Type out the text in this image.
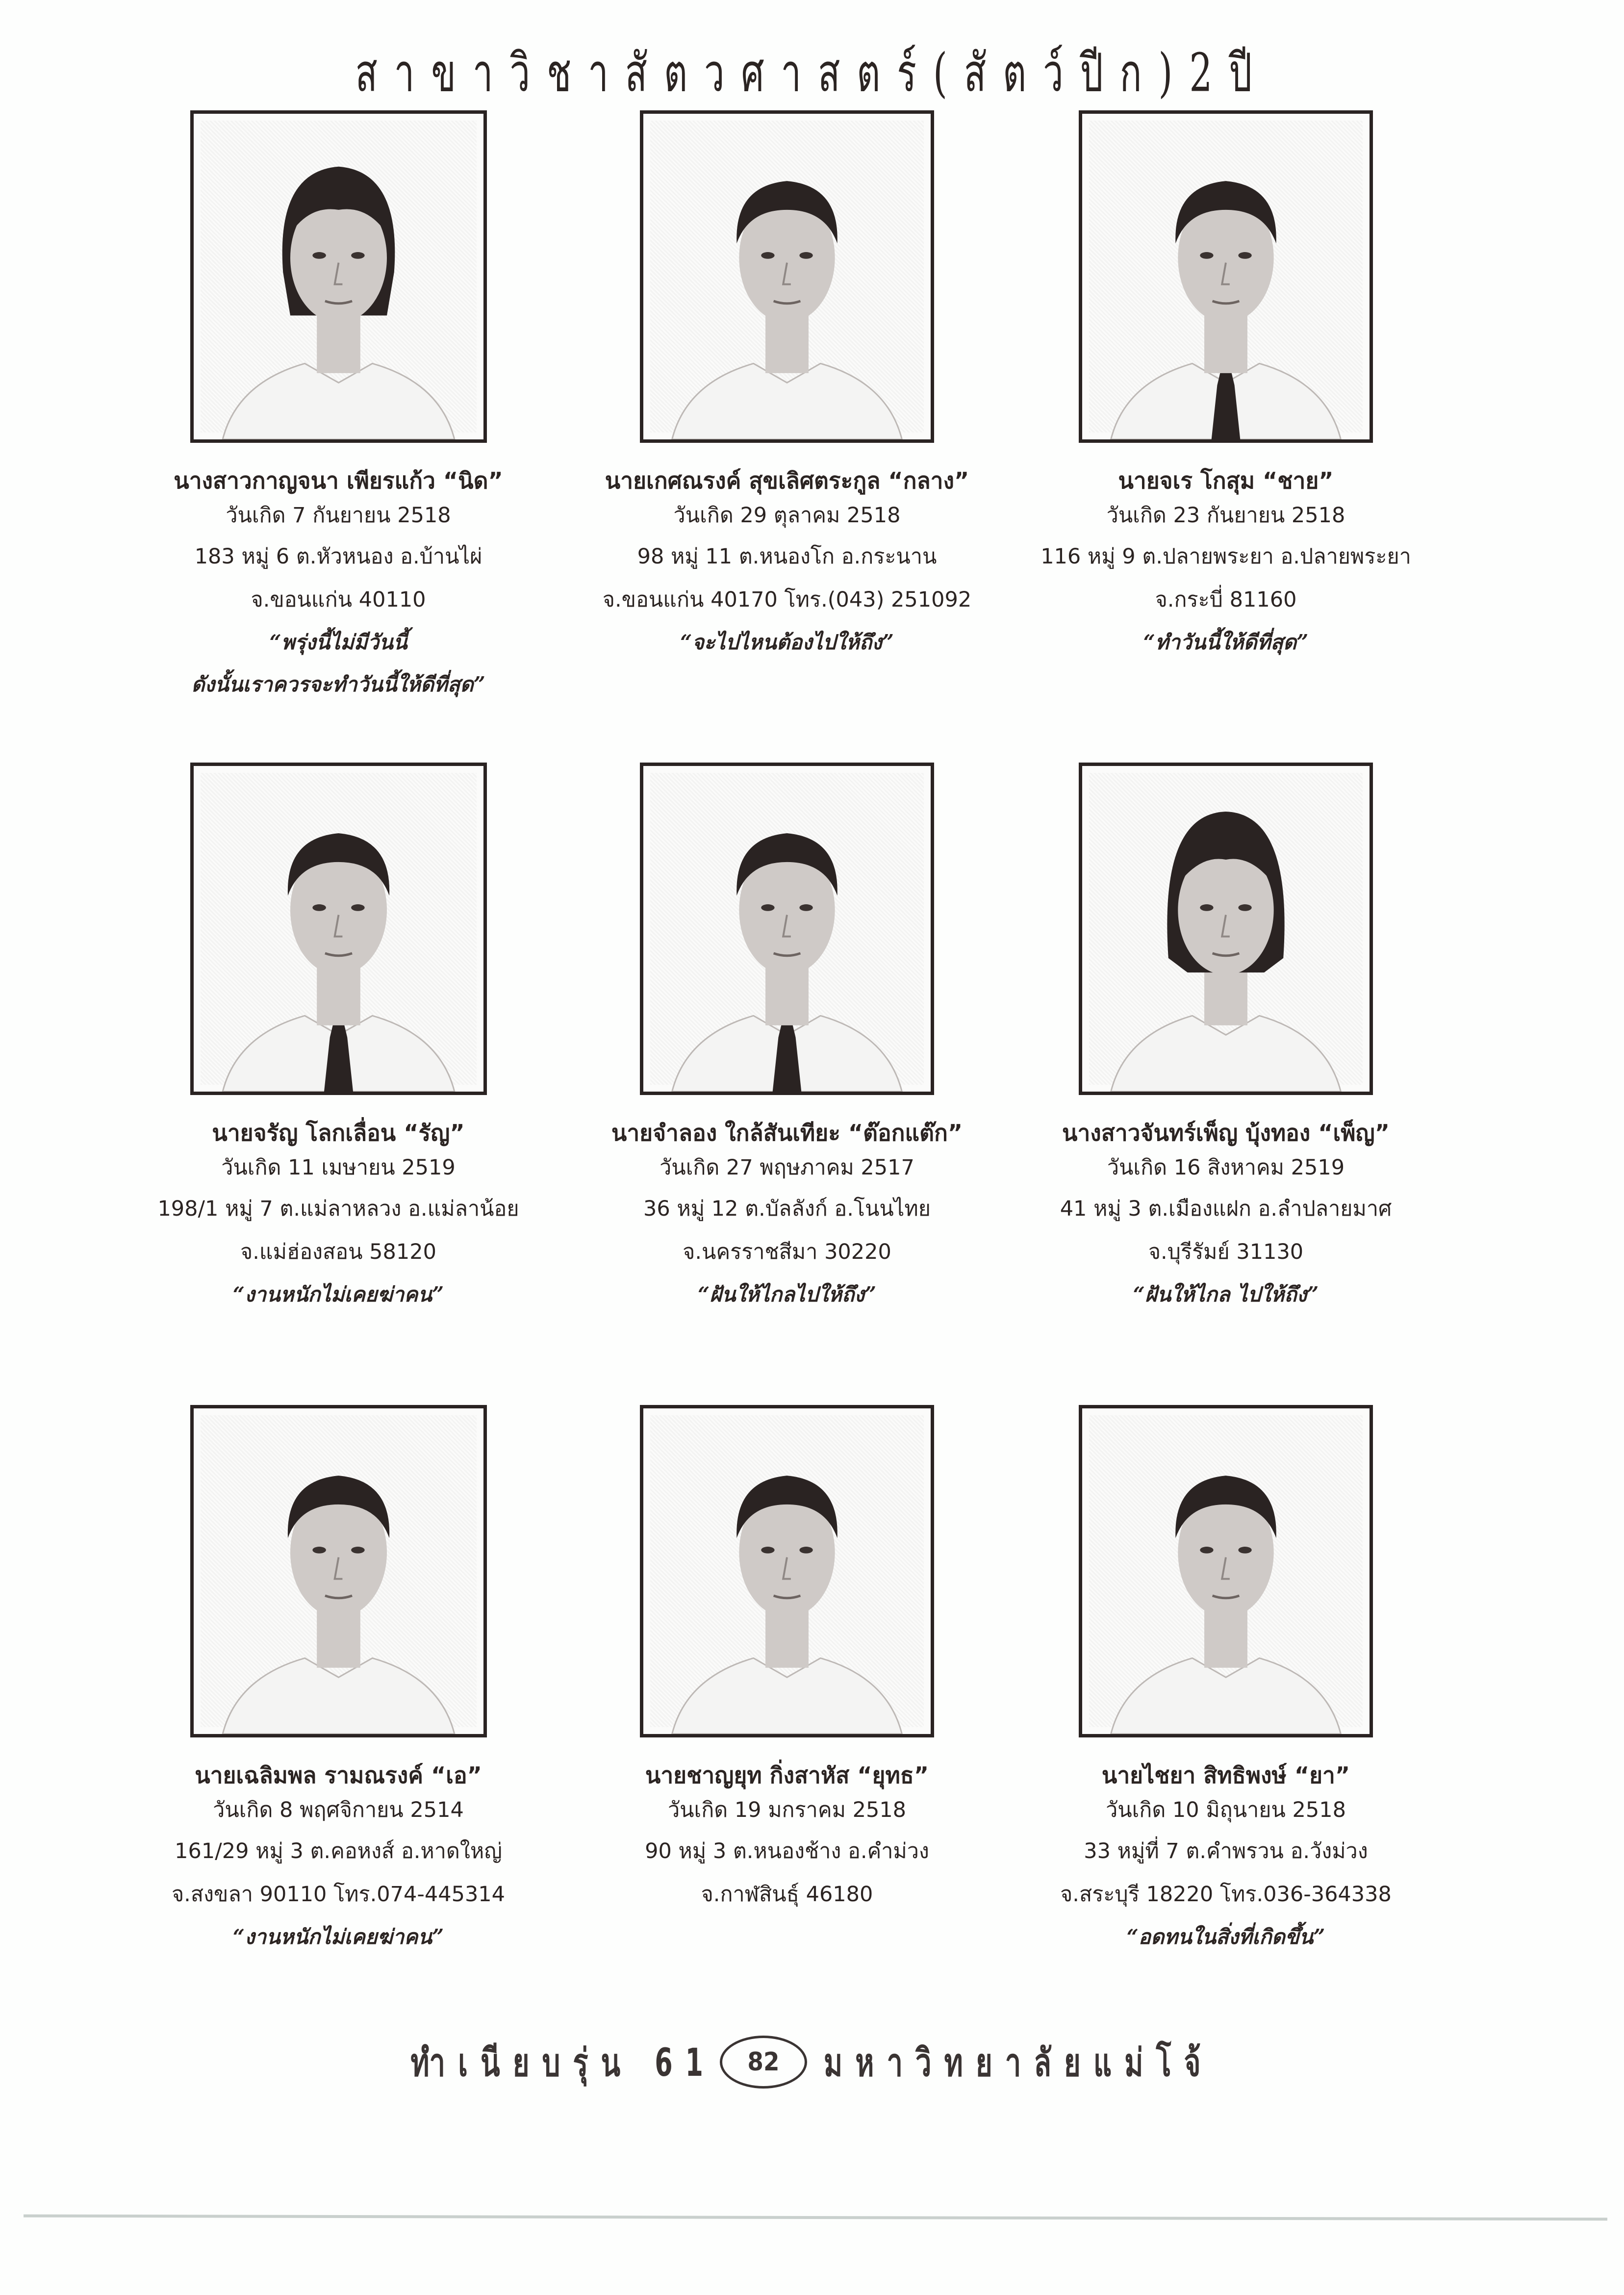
สาขาวิชาสัตวศาสตร์(สัตว์ปีก)2ปี
นางสาวกาญจนา เพียรแก้ว “นิด”
วันเกิด 7 กันยายน 2518
183 หมู่ 6 ต.หัวหนอง อ.บ้านไผ่
จ.ขอนแก่น 40110
“พรุ่งนี้ไม่มีวันนี้
ดังนั้นเราควรจะทำวันนี้ให้ดีที่สุด”
นายเกศณรงค์ สุขเลิศตระกูล “กลาง”
วันเกิด 29 ตุลาคม 2518
98 หมู่ 11 ต.หนองโก อ.กระนาน
จ.ขอนแก่น 40170 โทร.(043) 251092
“จะไปไหนต้องไปให้ถึง”
นายจเร โกสุม “ชาย”
วันเกิด 23 กันยายน 2518
116 หมู่ 9 ต.ปลายพระยา อ.ปลายพระยา
จ.กระบี่ 81160
“ทำวันนี้ให้ดีที่สุด”
นายจรัญ โลกเลื่อน “รัญ”
วันเกิด 11 เมษายน 2519
198/1 หมู่ 7 ต.แม่ลาหลวง อ.แม่ลาน้อย
จ.แม่ฮ่องสอน 58120
“งานหนักไม่เคยฆ่าคน”
นายจำลอง ใกล้สันเทียะ “ต๊อกแต๊ก”
วันเกิด 27 พฤษภาคม 2517
36 หมู่ 12 ต.บัลลังก์ อ.โนนไทย
จ.นครราชสีมา 30220
“ฝันให้ไกลไปให้ถึง”
นางสาวจันทร์เพ็ญ บุ้งทอง “เพ็ญ”
วันเกิด 16 สิงหาคม 2519
41 หมู่ 3 ต.เมืองแฝก อ.ลำปลายมาศ
จ.บุรีรัมย์ 31130
“ฝันให้ไกล ไปให้ถึง”
นายเฉลิมพล รามณรงค์ “เอ”
วันเกิด 8 พฤศจิกายน 2514
161/29 หมู่ 3 ต.คอหงส์ อ.หาดใหญ่
จ.สงขลา 90110 โทร.074-445314
“งานหนักไม่เคยฆ่าคน”
นายชาญยุท กิ่งสาหัส “ยุทธ”
วันเกิด 19 มกราคม 2518
90 หมู่ 3 ต.หนองช้าง อ.คำม่วง
จ.กาฬสินธุ์ 46180
นายไชยา สิทธิพงษ์ “ยา”
วันเกิด 10 มิถุนายน 2518
33 หมู่ที่ 7 ต.คำพรวน อ.วังม่วง
จ.สระบุรี 18220 โทร.036-364338
“อดทนในสิ่งที่เกิดขึ้น”
ทำเนียบรุ่น 61 82 มหาวิทยาลัยแม่โจ้
